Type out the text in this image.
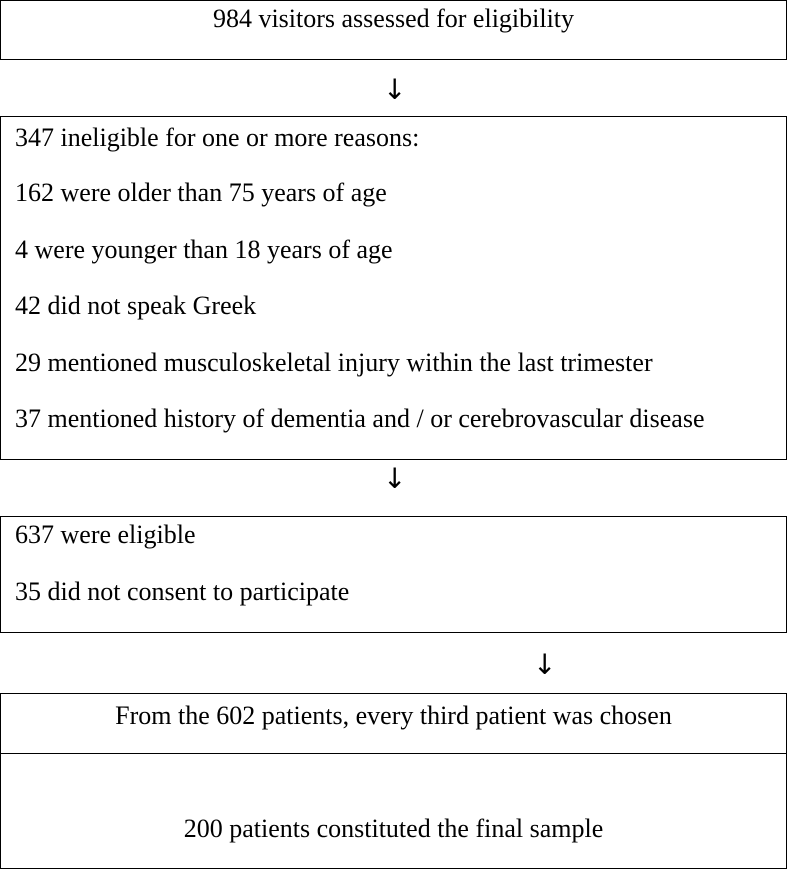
984 visitors assessed for eligibility
↓
347 ineligible for one or more reasons:
162 were older than 75 years of age
4 were younger than 18 years of age
42 did not speak Greek
29 mentioned musculoskeletal injury within the last trimester
37 mentioned history of dementia and / or cerebrovascular disease
↓
637 were eligible
35 did not consent to participate
↓
From the 602 patients, every third patient was chosen
200 patients constituted the final sample
